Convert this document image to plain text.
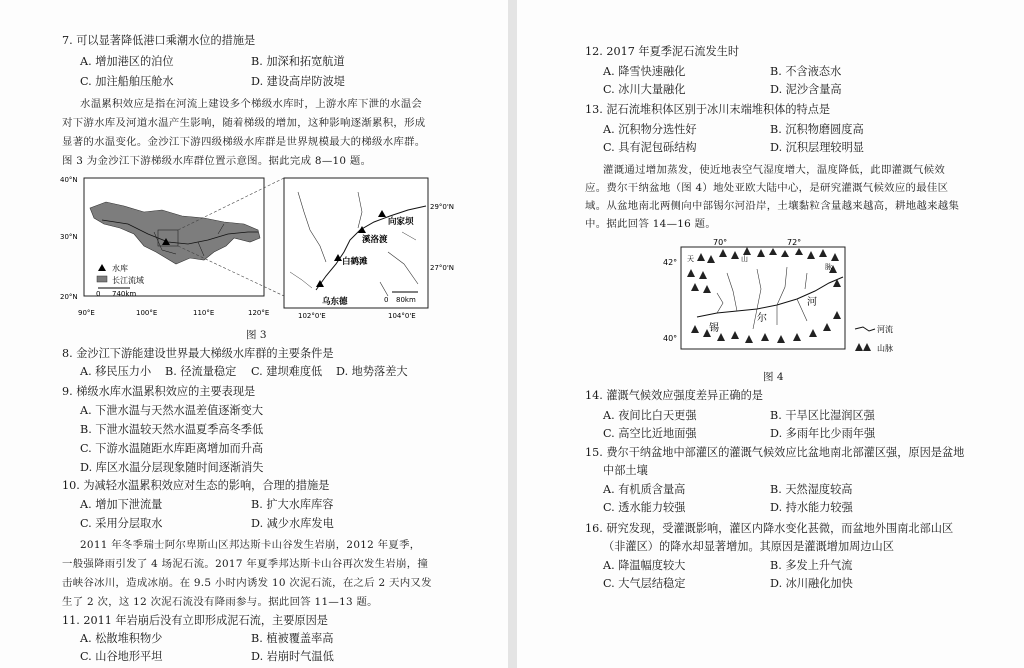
7. 可以显著降低港口乘潮水位的措施是
A. 增加港区的泊位	B. 加深和拓宽航道
C. 加注船舶压舱水	D. 建设高岸防波堤
水温累积效应是指在河流上建设多个梯级水库时，上游水库下泄的水温会
对下游水库及河道水温产生影响，随着梯级的增加，这种影响逐渐累积，形成
显著的水温变化。金沙江下游四级梯级水库群是世界规模最大的梯级水库群。
图 3 为金沙江下游梯级水库群位置示意图。据此完成 8—10 题。
40°N
30°N
20°N
90°E	100°E	110°E	120°E
水库
长江流域
0 740km
向家坝
溪洛渡
白鹤滩
乌东德	0 80km
29°0'N
27°0'N
102°0'E	104°0'E
图 3
8. 金沙江下游能建设世界最大梯级水库群的主要条件是
A. 移民压力小 B. 径流量稳定 C. 建坝难度低 D. 地势落差大
9. 梯级水库水温累积效应的主要表现是
A. 下泄水温与天然水温差值逐渐变大
B. 下泄水温较天然水温夏季高冬季低
C. 下游水温随距水库距离增加而升高
D. 库区水温分层现象随时间逐渐消失
10. 为减轻水温累积效应对生态的影响，合理的措施是
A. 增加下泄流量	B. 扩大水库库容
C. 采用分层取水	D. 减少水库发电
2011 年冬季瑞士阿尔卑斯山区邦达斯卡山谷发生岩崩，2012 年夏季，
一般强降雨引发了 4 场泥石流。2017 年夏季邦达斯卡山谷再次发生岩崩，撞
击峡谷冰川，造成冰崩。在 9.5 小时内诱发 10 次泥石流，在之后 2 天内又发
生了 2 次，这 12 次泥石流没有降雨参与。据此回答 11—13 题。
11. 2011 年岩崩后没有立即形成泥石流，主要原因是
A. 松散堆积物少	B. 植被覆盖率高
C. 山谷地形平坦	D. 岩崩时气温低
12. 2017 年夏季泥石流发生时
A. 降雪快速融化	B. 不含液态水
C. 冰川大量融化	D. 泥沙含量高
13. 泥石流堆积体区别于冰川末端堆积体的特点是
A. 沉积物分选性好	B. 沉积物磨圆度高
C. 具有泥包砾结构	D. 沉积层理较明显
灌溉通过增加蒸发，使近地表空气湿度增大，温度降低，此即灌溉气候效
应。费尔干纳盆地（图 4）地处亚欧大陆中心，是研究灌溉气候效应的最佳区
域。从盆地南北两侧向中部锡尔河沿岸，土壤黏粒含量越来越高，耕地越来越集
中。据此回答 14—16 题。
70°	72°
42°
40°
天	山
锡
尔
河
脉
河流
山脉
图 4
14. 灌溉气候效应强度差异正确的是
A. 夜间比白天更强	B. 干旱区比湿润区强
C. 高空比近地面强	D. 多雨年比少雨年强
15. 费尔干纳盆地中部灌区的灌溉气候效应比盆地南北部灌区强，原因是盆地
中部土壤
A. 有机质含量高	B. 天然湿度较高
C. 透水能力较强	D. 持水能力较强
16. 研究发现，受灌溉影响，灌区内降水变化甚微，而盆地外围南北部山区
（非灌区）的降水却显著增加。其原因是灌溉增加周边山区
A. 降温幅度较大	B. 多发上升气流
C. 大气层结稳定	D. 冰川融化加快
